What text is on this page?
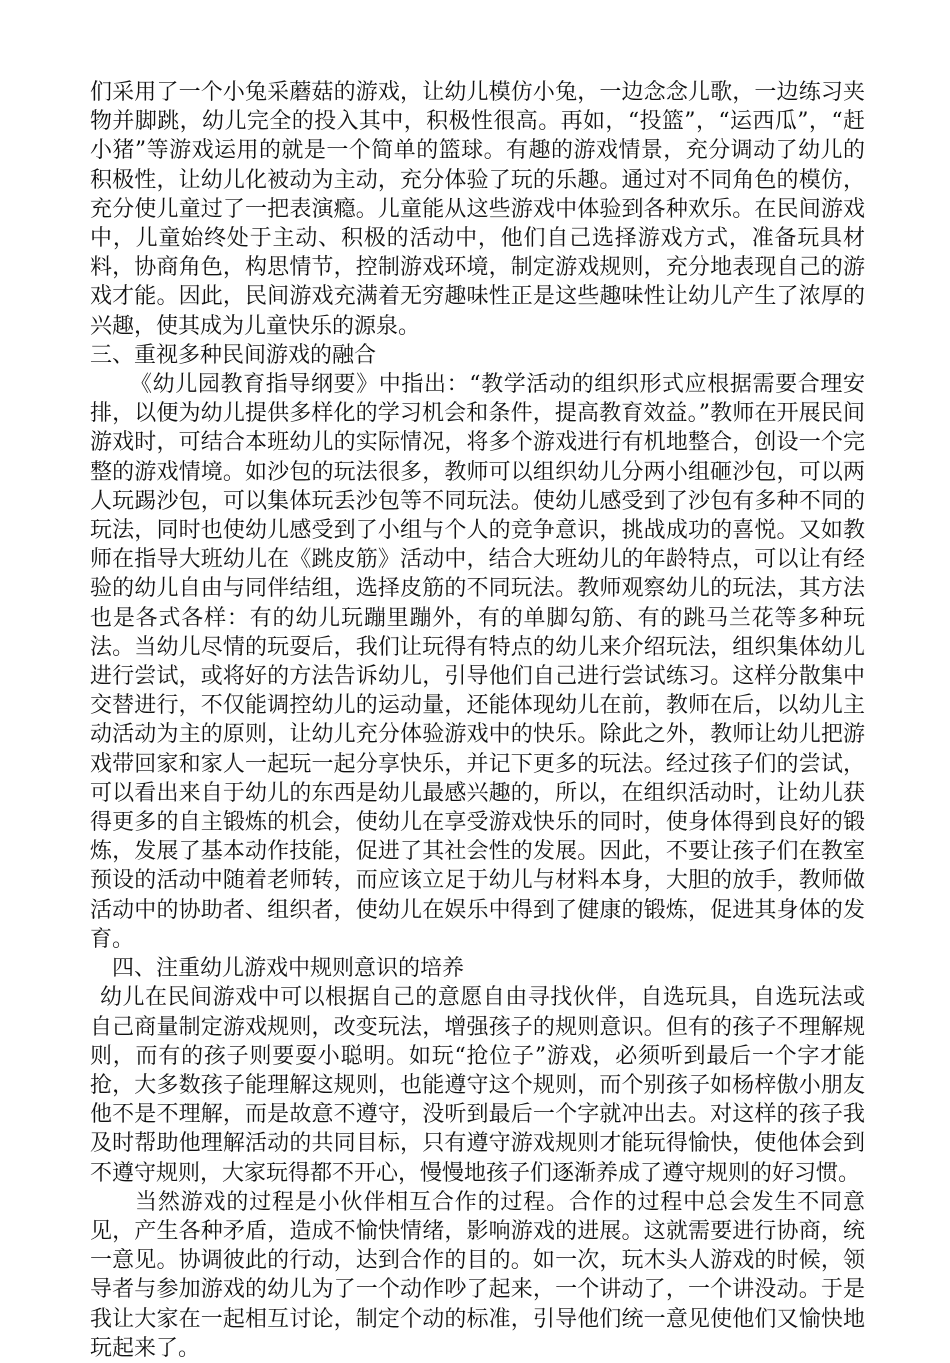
们采用了一个小兔采蘑菇的游戏，让幼儿模仿小兔，一边念念儿歌，一边练习夹物并脚跳，幼儿完全的投入其中，积极性很高。再如，“投篮”，“运西瓜”，“赶小猪”等游戏运用的就是一个简单的篮球。有趣的游戏情景，充分调动了幼儿的积极性，让幼儿化被动为主动，充分体验了玩的乐趣。通过对不同角色的模仿，充分使儿童过了一把表演瘾。儿童能从这些游戏中体验到各种欢乐。在民间游戏中，儿童始终处于主动、积极的活动中，他们自己选择游戏方式，准备玩具材料，协商角色，构思情节，控制游戏环境，制定游戏规则，充分地表现自己的游戏才能。因此，民间游戏充满着无穷趣味性正是这些趣味性让幼儿产生了浓厚的兴趣，使其成为儿童快乐的源泉。

三、重视多种民间游戏的融合

《幼儿园教育指导纲要》中指出：“教学活动的组织形式应根据需要合理安排，以便为幼儿提供多样化的学习机会和条件，提高教育效益。”教师在开展民间游戏时，可结合本班幼儿的实际情况，将多个游戏进行有机地整合，创设一个完整的游戏情境。如沙包的玩法很多，教师可以组织幼儿分两小组砸沙包，可以两人玩踢沙包，可以集体玩丢沙包等不同玩法。使幼儿感受到了沙包有多种不同的玩法，同时也使幼儿感受到了小组与个人的竞争意识，挑战成功的喜悦。又如教师在指导大班幼儿在《跳皮筋》活动中，结合大班幼儿的年龄特点，可以让有经验的幼儿自由与同伴结组，选择皮筋的不同玩法。教师观察幼儿的玩法，其方法也是各式各样：有的幼儿玩蹦里蹦外，有的单脚勾筋、有的跳马兰花等多种玩法。当幼儿尽情的玩耍后，我们让玩得有特点的幼儿来介绍玩法，组织集体幼儿进行尝试，或将好的方法告诉幼儿，引导他们自己进行尝试练习。这样分散集中交替进行，不仅能调控幼儿的运动量，还能体现幼儿在前，教师在后，以幼儿主动活动为主的原则，让幼儿充分体验游戏中的快乐。除此之外，教师让幼儿把游戏带回家和家人一起玩一起分享快乐，并记下更多的玩法。经过孩子们的尝试，可以看出来自于幼儿的东西是幼儿最感兴趣的，所以，在组织活动时，让幼儿获得更多的自主锻炼的机会，使幼儿在享受游戏快乐的同时，使身体得到良好的锻炼，发展了基本动作技能，促进了其社会性的发展。因此，不要让孩子们在教室预设的活动中随着老师转，而应该立足于幼儿与材料本身，大胆的放手，教师做活动中的协助者、组织者，使幼儿在娱乐中得到了健康的锻炼，促进其身体的发育。

四、注重幼儿游戏中规则意识的培养

幼儿在民间游戏中可以根据自己的意愿自由寻找伙伴，自选玩具，自选玩法或自己商量制定游戏规则，改变玩法，增强孩子的规则意识。但有的孩子不理解规则，而有的孩子则要耍小聪明。如玩“抢位子”游戏，必须听到最后一个字才能抢，大多数孩子能理解这规则，也能遵守这个规则，而个别孩子如杨梓傲小朋友他不是不理解，而是故意不遵守，没听到最后一个字就冲出去。对这样的孩子我及时帮助他理解活动的共同目标，只有遵守游戏规则才能玩得愉快，使他体会到不遵守规则，大家玩得都不开心，慢慢地孩子们逐渐养成了遵守规则的好习惯。

当然游戏的过程是小伙伴相互合作的过程。合作的过程中总会发生不同意见，产生各种矛盾，造成不愉快情绪，影响游戏的进展。这就需要进行协商，统一意见。协调彼此的行动，达到合作的目的。如一次，玩木头人游戏的时候，领导者与参加游戏的幼儿为了一个动作吵了起来，一个讲动了，一个讲没动。于是我让大家在一起相互讨论，制定个动的标准，引导他们统一意见使他们又愉快地玩起来了。
